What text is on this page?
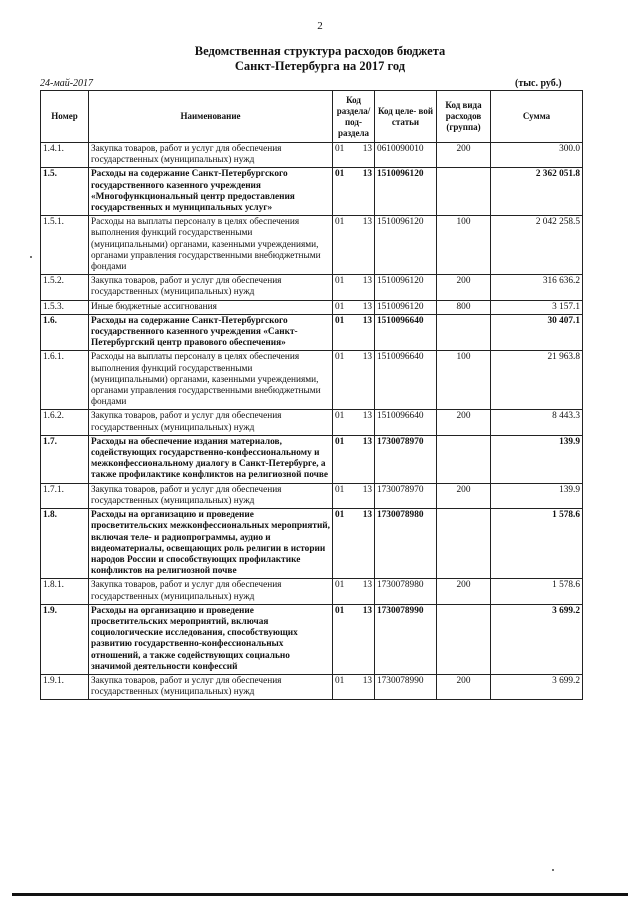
2
Ведомственная структура расходов бюджета
Санкт-Петербурга на 2017 год
24-май-2017	(тыс. руб.)
Номер	Наименование	Код раздела/ под- раздела	Код целе- вой статьи	Код вида расходов (группа)	Сумма
1.4.1.	Закупка товаров, работ и услуг для обеспечения государственных (муниципальных) нужд	01 13	0610090010	200	300.0
1.5.	Расходы на содержание Санкт-Петербургского государственного казенного учреждения «Многофункциональный центр предоставления государственных и муниципальных услуг»	01 13	1510096120		2 362 051.8
1.5.1.	Расходы на выплаты персоналу в целях обеспечения выполнения функций государственными (муниципальными) органами, казенными учреждениями, органами управления государственными внебюджетными фондами	01 13	1510096120	100	2 042 258.5
1.5.2.	Закупка товаров, работ и услуг для обеспечения государственных (муниципальных) нужд	01 13	1510096120	200	316 636.2
1.5.3.	Иные бюджетные ассигнования	01 13	1510096120	800	3 157.1
1.6.	Расходы на содержание Санкт-Петербургского государственного казенного учреждения «Санкт-Петербургский центр правового обеспечения»	01 13	1510096640		30 407.1
1.6.1.	Расходы на выплаты персоналу в целях обеспечения выполнения функций государственными (муниципальными) органами, казенными учреждениями, органами управления государственными внебюджетными фондами	01 13	1510096640	100	21 963.8
1.6.2.	Закупка товаров, работ и услуг для обеспечения государственных (муниципальных) нужд	01 13	1510096640	200	8 443.3
1.7.	Расходы на обеспечение издания материалов, содействующих государственно-конфессиональному и межконфессиональному диалогу в Санкт-Петербурге, а также профилактике конфликтов на религиозной почве	01 13	1730078970		139.9
1.7.1.	Закупка товаров, работ и услуг для обеспечения государственных (муниципальных) нужд	01 13	1730078970	200	139.9
1.8.	Расходы на организацию и проведение просветительских межконфессиональных мероприятий, включая теле- и радиопрограммы, аудио и видеоматериалы, освещающих роль религии в истории народов России и способствующих профилактике конфликтов на религиозной почве	01 13	1730078980		1 578.6
1.8.1.	Закупка товаров, работ и услуг для обеспечения государственных (муниципальных) нужд	01 13	1730078980	200	1 578.6
1.9.	Расходы на организацию и проведение просветительских мероприятий, включая социологические исследования, способствующих развитию государственно-конфессиональных отношений, а также содействующих социально значимой деятельности конфессий	01 13	1730078990		3 699.2
1.9.1.	Закупка товаров, работ и услуг для обеспечения государственных (муниципальных) нужд	01 13	1730078990	200	3 699.2
